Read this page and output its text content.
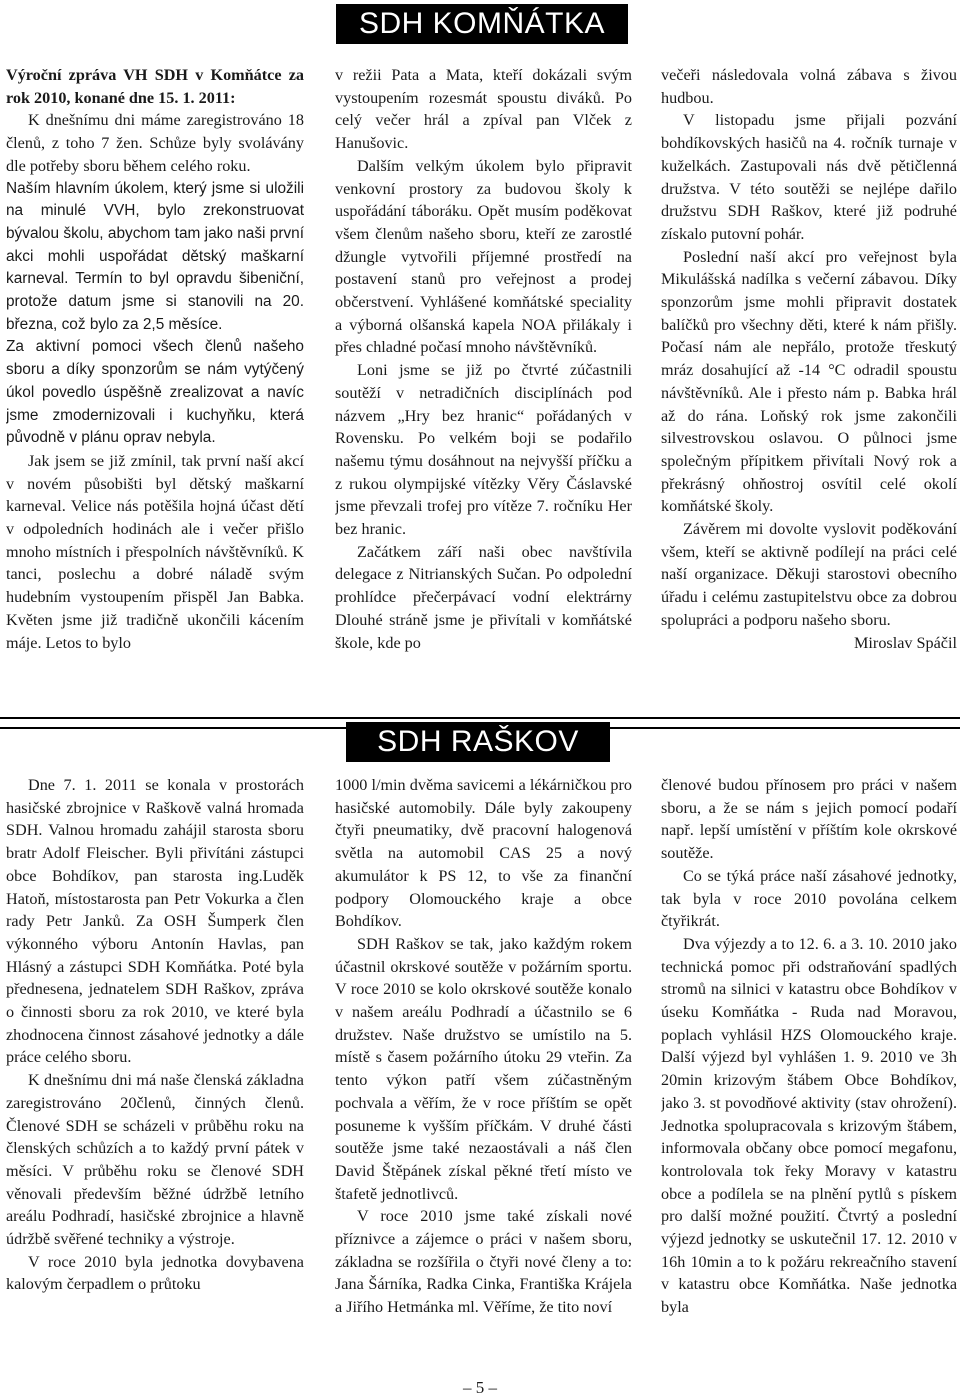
SDH KOMŇÁTKA

Výroční zpráva VH SDH v Komňátce za rok 2010, konané dne 15. 1. 2011:

K dnešnímu dni máme zaregistrováno 18 členů, z toho 7 žen. Schůze byly svolávány dle potřeby sboru během celého roku.

Naším hlavním úkolem, který jsme si uložili na minulé VVH, bylo zrekonstruovat bývalou školu, abychom tam jako naši první akci mohli uspořádat dětský maškarní karneval. Termín to byl opravdu šibeniční, protože datum jsme si stanovili na 20. března, což bylo za 2,5 měsíce.

Za aktivní pomoci všech členů našeho sboru a díky sponzorům se nám vytýčený úkol povedlo úspěšně zrealizovat a navíc jsme zmodernizovali i kuchyňku, která původně v plánu oprav nebyla.

Jak jsem se již zmínil, tak první naší akcí v novém působišti byl dětský maškarní karneval. Velice nás potěšila hojná účast dětí v odpoledních hodinách ale i večer přišlo mnoho místních i přespolních návštěvníků. K tanci, poslechu a dobré náladě svým hudebním vystoupením přispěl Jan Babka. Květen jsme již tradičně ukončili kácením máje. Letos to bylo

v režii Pata a Mata, kteří dokázali svým vystoupením rozesmát spoustu diváků. Po celý večer hrál a zpíval pan Vlček z Hanušovic.

Dalším velkým úkolem bylo připravit venkovní prostory za budovou školy k uspořádání táboráku. Opět musím poděkovat všem členům našeho sboru, kteří ze zarostlé džungle vytvořili příjemné prostředí na postavení stanů pro veřejnost a prodej občerstvení. Vyhlášené komňátské speciality a výborná olšanská kapela NOA přilákaly i přes chladné počasí mnoho návštěvníků.

Loni jsme se již po čtvrté zúčastnili soutěží v netradičních disciplínách pod názvem „Hry bez hranic“ pořádaných v Rovensku. Po velkém boji se podařilo našemu týmu dosáhnout na nejvyšší příčku a z rukou olympijské vítězky Věry Čáslavské jsme převzali trofej pro vítěze 7. ročníku Her bez hranic.

Začátkem září naši obec navštívila delegace z Nitrianských Sučan. Po odpolední prohlídce přečerpávací vodní elektrárny Dlouhé stráně jsme je přivítali v komňátské škole, kde po

večeři následovala volná zábava s živou hudbou.

V listopadu jsme přijali pozvání bohdíkovských hasičů na 4. ročník turnaje v kuželkách. Zastupovali nás dvě pětičlenná družstva. V této soutěži se nejlépe dařilo družstvu SDH Raškov, které již podruhé získalo putovní pohár.

Poslední naší akcí pro veřejnost byla Mikulášská nadílka s večerní zábavou. Díky sponzorům jsme mohli připravit dostatek balíčků pro všechny děti, které k nám přišly. Počasí nám ale nepřálo, protože třeskutý mráz dosahující až -14 °C odradil spoustu návštěvníků. Ale i přesto nám p. Babka hrál až do rána. Loňský rok jsme zakončili silvestrovskou oslavou. O půlnoci jsme společným přípitkem přivítali Nový rok a překrásný ohňostroj osvítil celé okolí komňátské školy.

Závěrem mi dovolte vyslovit poděkování všem, kteří se aktivně podílejí na práci celé naší organizace. Děkuji starostovi obecního úřadu i celému zastupitelstvu obce za dobrou spolupráci a podporu našeho sboru.

Miroslav Spáčil

SDH RAŠKOV

Dne 7. 1. 2011 se konala v prostorách hasičské zbrojnice v Raškově valná hromada SDH. Valnou hromadu zahájil starosta sboru bratr Adolf Fleischer. Byli přivítáni zástupci obce Bohdíkov, pan starosta ing.Luděk Hatoň, místostarosta pan Petr Vokurka a člen rady Petr Janků. Za OSH Šumperk člen výkonného výboru Antonín Havlas, pan Hlásný a zástupci SDH Komňátka. Poté byla přednesena, jednatelem SDH Raškov, zpráva o činnosti sboru za rok 2010, ve které byla zhodnocena činnost zásahové jednotky a dále práce celého sboru.

K dnešnímu dni má naše členská základna zaregistrováno 20členů, činných členů. Členové SDH se scházeli v průběhu roku na členských schůzích a to každý první pátek v měsíci. V průběhu roku se členové SDH věnovali především běžné údržbě letního areálu Podhradí, hasičské zbrojnice a hlavně údržbě svěřené techniky a výstroje.

V roce 2010 byla jednotka dovybavena kalovým čerpadlem o průtoku

1000 l/min dvěma savicemi a lékárničkou pro hasičské automobily. Dále byly zakoupeny čtyři pneumatiky, dvě pracovní halogenová světla na automobil CAS 25 a nový akumulátor k PS 12, to vše za finanční podpory Olomouckého kraje a obce Bohdíkov.

SDH Raškov se tak, jako každým rokem účastnil okrskové soutěže v požárním sportu. V roce 2010 se kolo okrskové soutěže konalo v našem areálu Podhradí a účastnilo se 6 družstev. Naše družstvo se umístilo na 5. místě s časem požárního útoku 29 vteřin. Za tento výkon patří všem zúčastněným pochvala a věřím, že v roce příštím se opět posuneme k vyšším příčkám. V druhé části soutěže jsme také nezaostávali a náš člen David Štěpánek získal pěkné třetí místo ve štafetě jednotlivců.

V roce 2010 jsme také získali nové příznivce a zájemce o práci v našem sboru, základna se rozšířila o čtyři nové členy a to: Jana Šárníka, Radka Cinka, Františka Krájela a Jiřího Hetmánka ml. Věříme, že tito noví

členové budou přínosem pro práci v našem sboru, a že se nám s jejich pomocí podaří např. lepší umístění v příštím kole okrskové soutěže.

Co se týká práce naší zásahové jednotky, tak byla v roce 2010 povolána celkem čtyřikrát.

Dva výjezdy a to 12. 6. a 3. 10. 2010 jako technická pomoc při odstraňování spadlých stromů na silnici v katastru obce Bohdíkov v úseku Komňátka - Ruda nad Moravou, poplach vyhlásil HZS Olomouckého kraje. Další výjezd byl vyhlášen 1. 9. 2010 ve 3h 20min krizovým štábem Obce Bohdíkov, jako 3. st povodňové aktivity (stav ohrožení). Jednotka spolupracovala s krizovým štábem, informovala občany obce pomocí megafonu, kontrolovala tok řeky Moravy v katastru obce a podílela se na plnění pytlů s pískem pro další možné použití. Čtvrtý a poslední výjezd jednotky se uskutečnil 17. 12. 2010 v 16h 10min a to k požáru rekreačního stavení v katastru obce Komňátka. Naše jednotka byla

– 5 –
